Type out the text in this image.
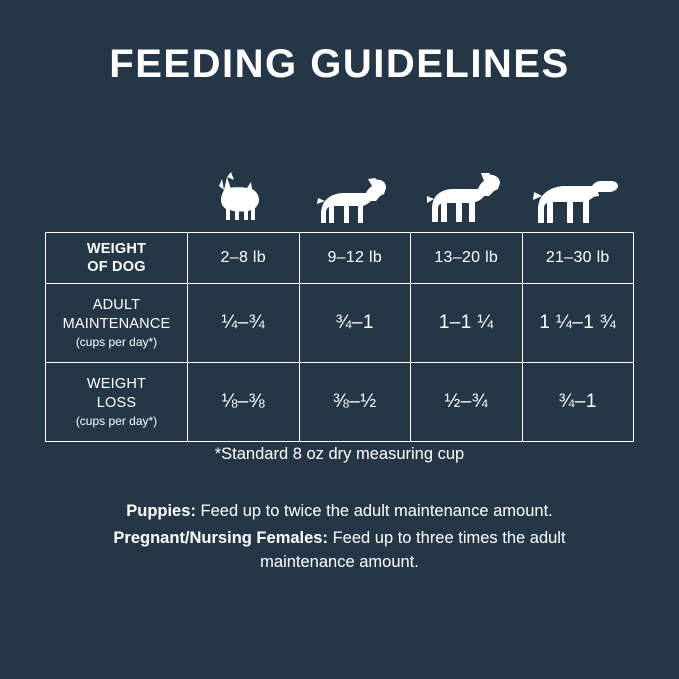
FEEDING GUIDELINES
WEIGHT
OF DOG	2–8 lb	9–12 lb	13–20 lb	21–30 lb
ADULT
MAINTENANCE
(cups per day*)	¼–¾	¾–1	1–1 ¼	1 ¼–1 ¾
WEIGHT
LOSS
(cups per day*)	⅛–⅜	⅜–½	½–¾	¾–1
*Standard 8 oz dry measuring cup

Puppies: Feed up to twice the adult maintenance amount.

Pregnant/Nursing Females: Feed up to three times the adult maintenance amount.
